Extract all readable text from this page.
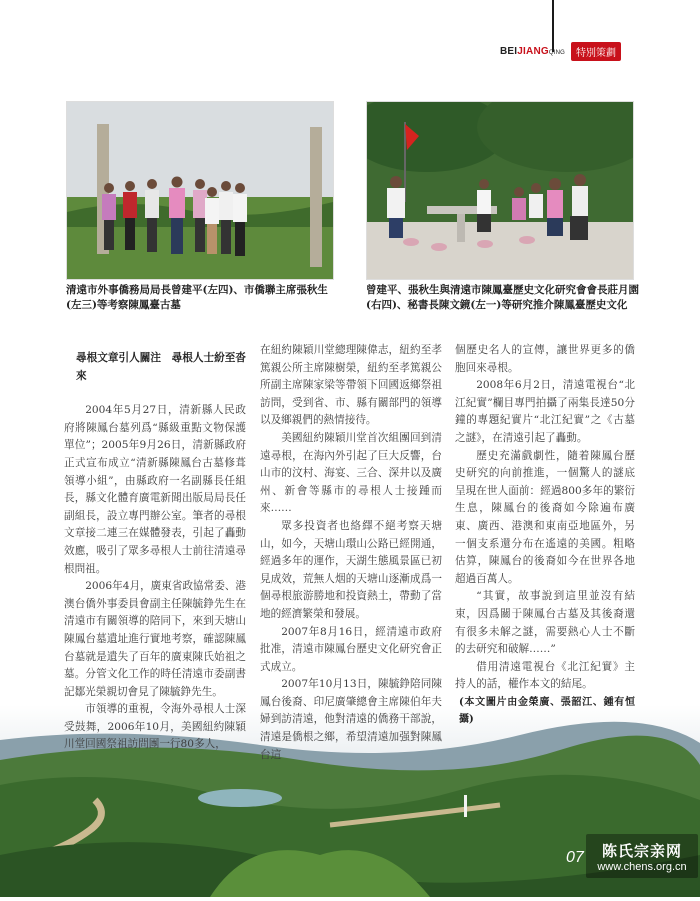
BEIJIANGQING	特別策劃
清遠市外事僑務局局長曾建平(左四)、市僑聯主席張秋生
(左三)等考察陳鳳臺古墓
曾建平、張秋生與清遠市陳鳳臺歷史文化研究會會長莊月園
(右四)、秘書長陳文鏡(左一)等研究推介陳鳳臺歷史文化

尋根文章引人關注　尋根人士紛至沓來

2004年5月27日，清新縣人民政府將陳鳳台墓列爲“縣級重點文物保護單位”；2005年9月26日，清新縣政府正式宣布成立“清新縣陳鳳台古墓修葺領導小組”，由縣政府一名副縣長任組長，縣文化體育廣電新聞出版局局長任副組長，設立專門辦公室。筆者的尋根文章接二連三在媒體發表，引起了轟動效應，吸引了眾多尋根人士前往清遠尋根問祖。

2006年4月，廣東省政協常委、港澳台僑外事委員會副主任陳毓錚先生在清遠市有關領導的陪同下，來到天塘山陳鳳台墓遺址進行實地考察，確認陳鳳台墓就是遺失了百年的廣東陳氏始祖之墓。分管文化工作的時任清遠市委副書記鄒光榮親切會見了陳毓錚先生。

市領導的重視，令海外尋根人士深受鼓舞，2006年10月，美國紐約陳穎川堂回國祭祖訪問團一行80多人，

在紐約陳穎川堂總理陳偉志，紐約至孝篤親公所主席陳樹榮，紐約至孝篤親公所副主席陳家梁等帶領下回國返鄉祭祖訪問，受到省、市、縣有關部門的領導以及鄉親們的熱情接待。

美國紐約陳穎川堂首次組團回到清遠尋根，在海內外引起了巨大反響，台山市的汶村、海宴、三合、深井以及廣州、新會等縣市的尋根人士接踵而來……

眾多投資者也絡繹不絕考察天塘山，如今，天塘山環山公路已經開通，經過多年的運作，天湖生態風景區已初見成效，荒無人烟的天塘山逐漸成爲一個尋根旅游勝地和投資熱土，帶動了當地的經濟繁榮和發展。

2007年8月16日，經清遠市政府批准，清遠市陳鳳台歷史文化研究會正式成立。

2007年10月13日，陳毓錚陪同陳鳳台後裔、印尼廣肇總會主席陳伯年夫婦到訪清遠，他對清遠的僑務干部說，清遠是僑根之鄉，希望清遠加强對陳鳳台這

個歷史名人的宣傳，讓世界更多的僑胞回來尋根。

2008年6月2日，清遠電視台“北江紀實”欄目專門拍攝了兩集長達50分鐘的專題紀實片“北江紀實”之《古墓之謎》，在清遠引起了轟動。

歷史充滿戲劇性，隨着陳鳳台歷史研究的向前推進，一個驚人的謎底呈現在世人面前：經過800多年的繁衍生息，陳鳳台的後裔如今除遍布廣東、廣西、港澳和東南亞地區外，另一個支系還分布在遙遠的美國。粗略估算，陳鳳台的後裔如今在世界各地超過百萬人。

“其實，故事說到這里並沒有結束，因爲關于陳鳳台古墓及其後裔還有很多未解之謎，需要熱心人士不斷的去研究和破解……”

借用清遠電視台《北江紀實》主持人的話，權作本文的結尾。

(本文圖片由金榮廣、張韶江、鍾有恒攝)

07 陈氏宗亲网
www.chens.org.cn
